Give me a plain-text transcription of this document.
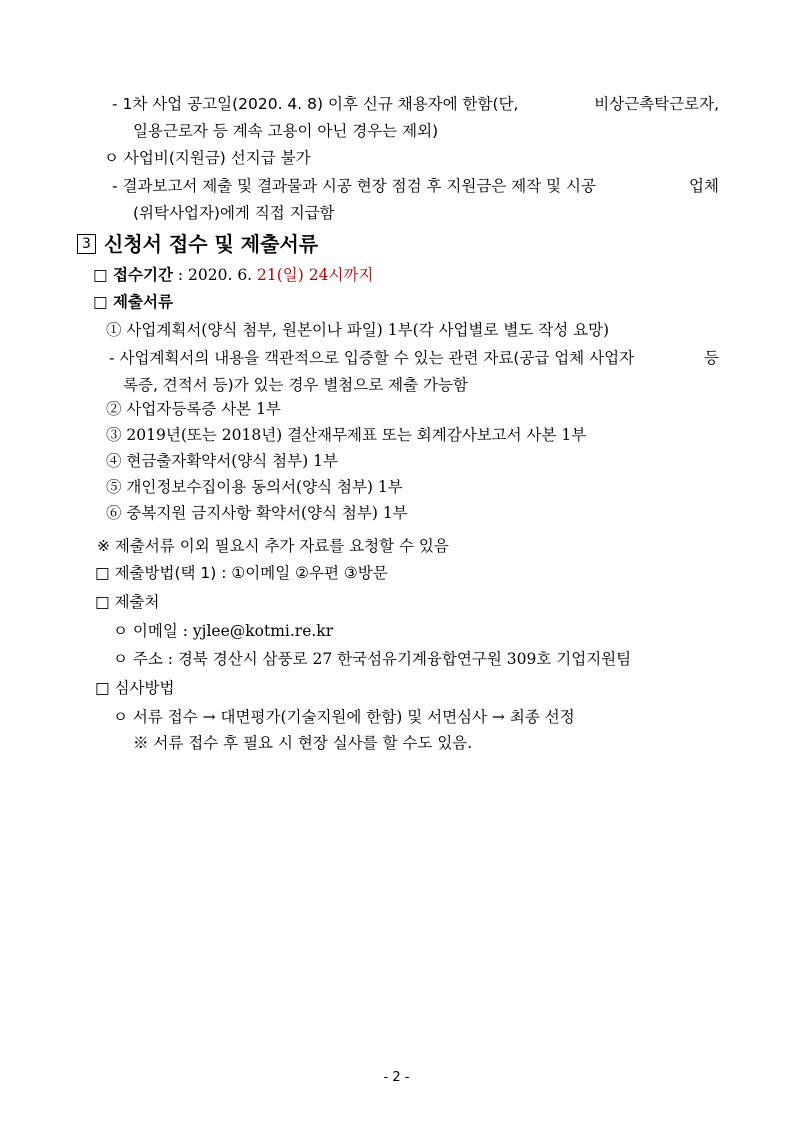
- 1차 사업 공고일(2020. 4. 8) 이후 신규 채용자에 한함(단,	비상근촉탁근로자,
일용근로자 등 계속 고용이 아닌 경우는 제외)
ㅇ 사업비(지원금) 선지급 불가
- 결과보고서 제출 및 결과물과 시공 현장 점검 후 지원금은 제작 및 시공	업체
(위탁사업자)에게 직접 지급함
3 신청서 접수 및 제출서류
□ 접수기간 : 2020. 6. 21(일) 24시까지
□ 제출서류
① 사업계획서(양식 첨부, 원본이나 파일) 1부(각 사업별로 별도 작성 요망)
- 사업계획서의 내용을 객관적으로 입증할 수 있는 관련 자료(공급 업체 사업자	등
록증, 견적서 등)가 있는 경우 별첨으로 제출 가능함
② 사업자등록증 사본 1부
③ 2019년(또는 2018년) 결산재무제표 또는 회계감사보고서 사본 1부
④ 현금출자확약서(양식 첨부) 1부
⑤ 개인정보수집이용 동의서(양식 첨부) 1부
⑥ 중복지원 금지사항 확약서(양식 첨부) 1부
※ 제출서류 이외 필요시 추가 자료를 요청할 수 있음
□ 제출방법(택 1) : ①이메일 ②우편 ③방문
□ 제출처
ㅇ 이메일 : yjlee@kotmi.re.kr
ㅇ 주소 : 경북 경산시 삼풍로 27 한국섬유기계융합연구원 309호 기업지원팀
□ 심사방법
ㅇ 서류 접수 → 대면평가(기술지원에 한함) 및 서면심사 → 최종 선정
※ 서류 접수 후 필요 시 현장 실사를 할 수도 있음.
- 2 -
